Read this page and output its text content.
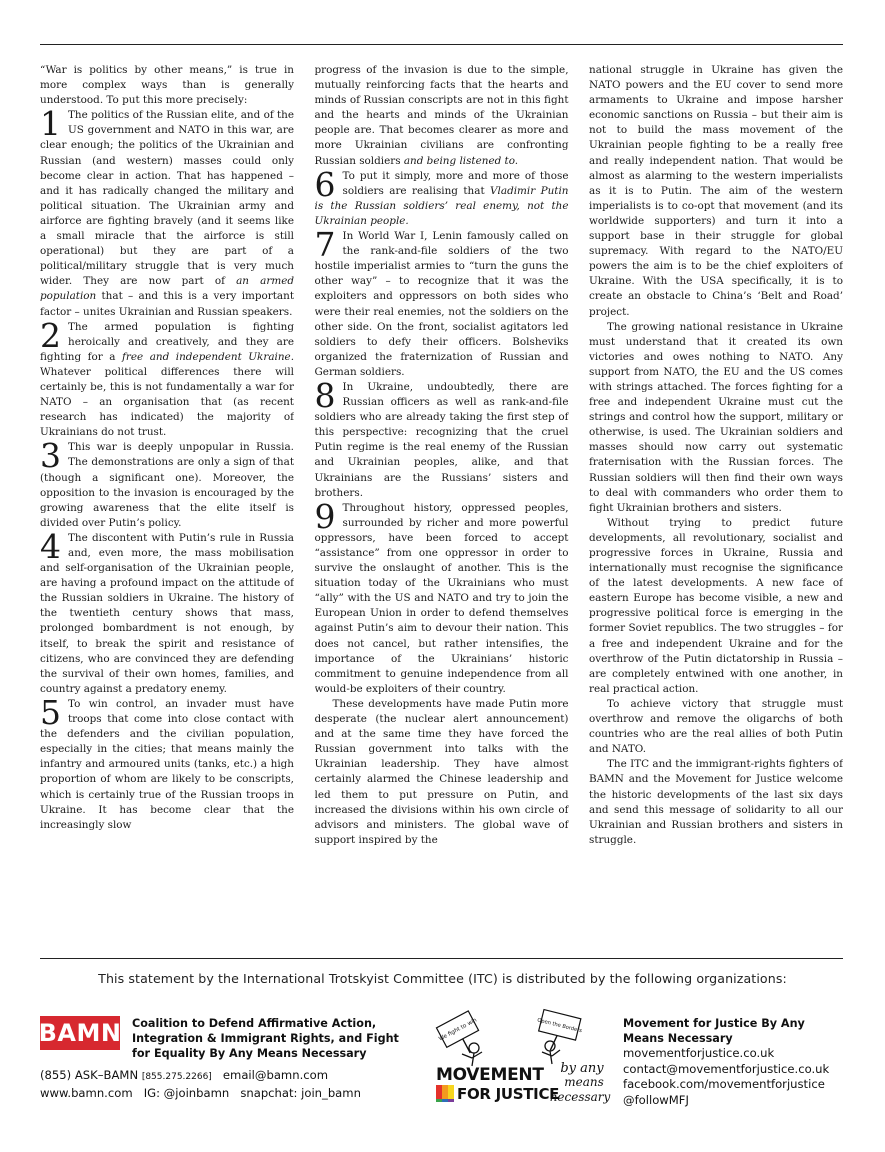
“War is politics by other means,” is true in more complex ways than is generally understood. To put this more precisely:

1 The politics of the Russian elite, and of the US government and NATO in this war, are clear enough; the politics of the Ukrainian and Russian (and western) masses could only become clear in action. That has happened – and it has radically changed the military and political situation. The Ukrainian army and airforce are fighting bravely (and it seems like a small miracle that the airforce is still operational) but they are part of a political/military struggle that is very much wider. They are now part of an armed population that – and this is a very important factor – unites Ukrainian and Russian speakers.

2 The armed population is fighting heroically and creatively, and they are fighting for a free and independent Ukraine. Whatever political differences there will certainly be, this is not fundamentally a war for NATO – an organisation that (as recent research has indicated) the majority of Ukrainians do not trust.

3 This war is deeply unpopular in Russia. The demonstrations are only a sign of that (though a significant one). Moreover, the opposition to the invasion is encouraged by the growing awareness that the elite itself is divided over Putin’s policy.

4 The discontent with Putin’s rule in Russia and, even more, the mass mobilisation and self-organisation of the Ukrainian people, are having a profound impact on the attitude of the Russian soldiers in Ukraine. The history of the twentieth century shows that mass, prolonged bombardment is not enough, by itself, to break the spirit and resistance of citizens, who are convinced they are defending the survival of their own homes, families, and country against a predatory enemy.

5 To win control, an invader must have troops that come into close contact with the defenders and the civilian population, especially in the cities; that means mainly the infantry and armoured units (tanks, etc.) a high proportion of whom are likely to be conscripts, which is certainly true of the Russian troops in Ukraine. It has become clear that the increasingly slow

progress of the invasion is due to the simple, mutually reinforcing facts that the hearts and minds of Russian conscripts are not in this fight and the hearts and minds of the Ukrainian people are. That becomes clearer as more and more Ukrainian civilians are confronting Russian soldiers and being listened to.

6 To put it simply, more and more of those soldiers are realising that Vladimir Putin is the Russian soldiers’ real enemy, not the Ukrainian people.

7 In World War I, Lenin famously called on the rank-and-file soldiers of the two hostile imperialist armies to “turn the guns the other way” – to recognize that it was the exploiters and oppressors on both sides who were their real enemies, not the soldiers on the other side. On the front, socialist agitators led soldiers to defy their officers. Bolsheviks organized the fraternization of Russian and German soldiers.

8 In Ukraine, undoubtedly, there are Russian officers as well as rank-and-file soldiers who are already taking the first step of this perspective: recognizing that the cruel Putin regime is the real enemy of the Russian and Ukrainian peoples, alike, and that Ukrainians are the Russians’ sisters and brothers.

9 Throughout history, oppressed peoples, surrounded by richer and more powerful oppressors, have been forced to accept “assistance” from one oppressor in order to survive the onslaught of another. This is the situation today of the Ukrainians who must “ally” with the US and NATO and try to join the European Union in order to defend themselves against Putin’s aim to devour their nation. This does not cancel, but rather intensifies, the importance of the Ukrainians’ historic commitment to genuine independence from all would-be exploiters of their country.

These developments have made Putin more desperate (the nuclear alert announcement) and at the same time they have forced the Russian government into talks with the Ukrainian leadership. They have almost certainly alarmed the Chinese leadership and led them to put pressure on Putin, and increased the divisions within his own circle of advisors and ministers. The global wave of support inspired by the

national struggle in Ukraine has given the NATO powers and the EU cover to send more armaments to Ukraine and impose harsher economic sanctions on Russia – but their aim is not to build the mass movement of the Ukrainian people fighting to be a really free and really independent nation. That would be almost as alarming to the western imperialists as it is to Putin. The aim of the western imperialists is to co-opt that movement (and its worldwide supporters) and turn it into a support base in their struggle for global supremacy. With regard to the NATO/EU powers the aim is to be the chief exploiters of Ukraine. With the USA specifically, it is to create an obstacle to China’s ‘Belt and Road’ project.

The growing national resistance in Ukraine must understand that it created its own victories and owes nothing to NATO. Any support from NATO, the EU and the US comes with strings attached. The forces fighting for a free and independent Ukraine must cut the strings and control how the support, military or otherwise, is used. The Ukrainian soldiers and masses should now carry out systematic fraternisation with the Russian forces. The Russian soldiers will then find their own ways to deal with commanders who order them to fight Ukrainian brothers and sisters.

Without trying to predict future developments, all revolutionary, socialist and progressive forces in Ukraine, Russia and internationally must recognise the significance of the latest developments. A new face of eastern Europe has become visible, a new and progressive political force is emerging in the former Soviet republics. The two struggles – for a free and independent Ukraine and for the overthrow of the Putin dictatorship in Russia – are completely entwined with one another, in real practical action.

To achieve victory that struggle must overthrow and remove the oligarchs of both countries who are the real allies of both Putin and NATO.

The ITC and the immigrant-rights fighters of BAMN and the Movement for Justice welcome the historic developments of the last six days and send this message of solidarity to all our Ukrainian and Russian brothers and sisters in struggle.

This statement by the International Trotskyist Committee (ITC) is distributed by the following organizations:
BAMN Coalition to Defend Affirmative Action, Integration & Immigrant Rights, and Fight for Equality By Any Means Necessary
(855) ASK–BAMN [855.275.2266] email@bamn.com
www.bamn.com IG: @joinbamn snapchat: join_bamn
We fight to win	Open the Borders
MOVEMENT
FOR JUSTICE
by any
means
necessary
Movement for Justice By Any Means Necessary
movementforjustice.co.uk
contact@movementforjustice.co.uk
facebook.com/movementforjustice
@followMFJ
